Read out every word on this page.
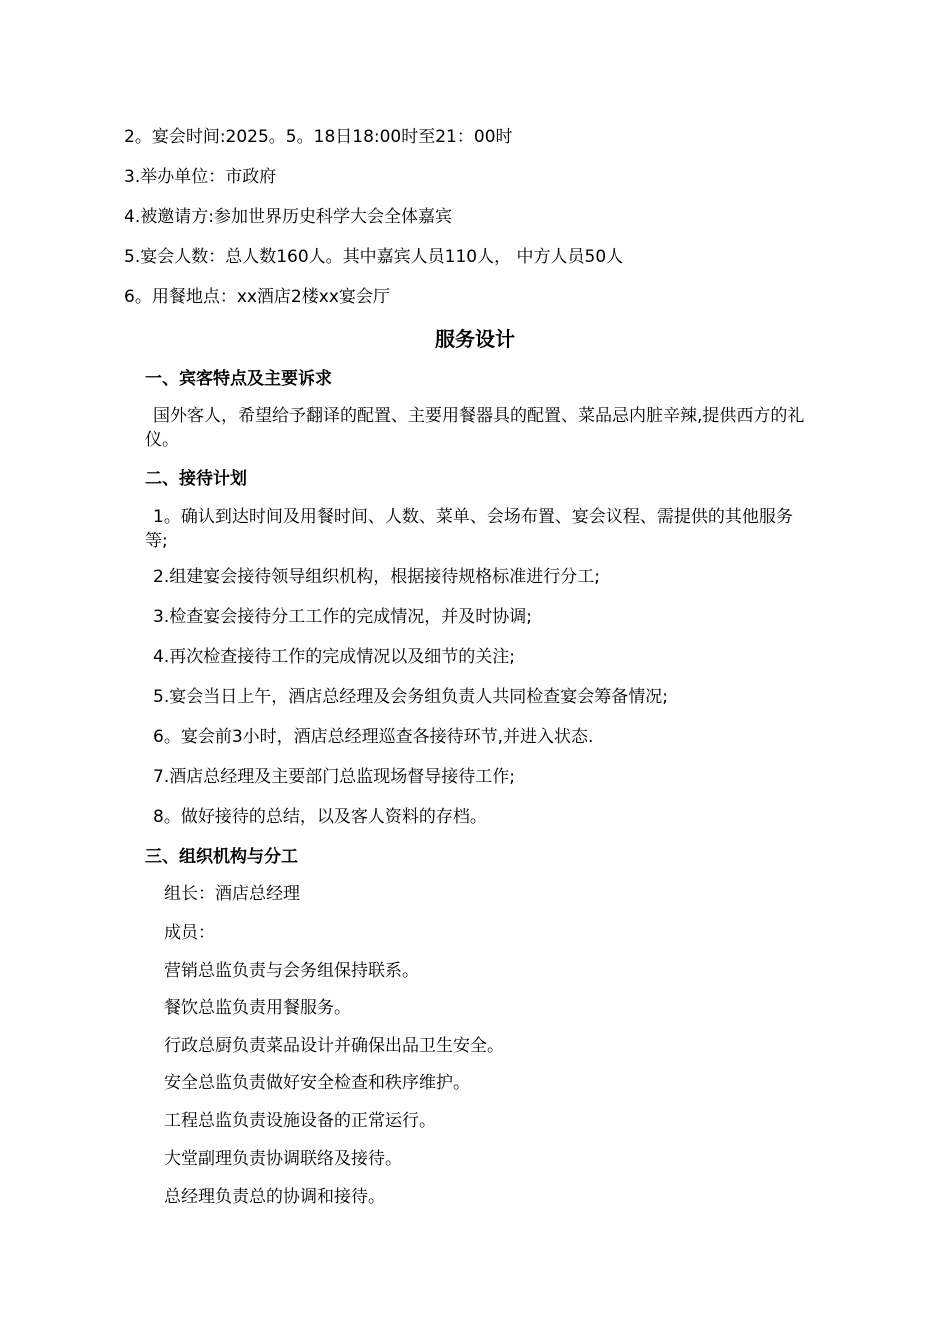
2。宴会时间:2025。5。18日18:00时至21：00时
3.举办单位：市政府
4.被邀请方:参加世界历史科学大会全体嘉宾
5.宴会人数：总人数160人。其中嘉宾人员110人， 中方人员50人
6。用餐地点：xx酒店2楼xx宴会厅
服务设计
一、宾客特点及主要诉求
国外客人，希望给予翻译的配置、主要用餐器具的配置、菜品忌内脏辛辣,提供西方的礼仪。
二、接待计划
1。确认到达时间及用餐时间、人数、菜单、会场布置、宴会议程、需提供的其他服务等;
2.组建宴会接待领导组织机构，根据接待规格标准进行分工;
3.检查宴会接待分工工作的完成情况，并及时协调;
4.再次检查接待工作的完成情况以及细节的关注;
5.宴会当日上午，酒店总经理及会务组负责人共同检查宴会筹备情况;
6。宴会前3小时，酒店总经理巡查各接待环节,并进入状态.
7.酒店总经理及主要部门总监现场督导接待工作;
8。做好接待的总结，以及客人资料的存档。
三、组织机构与分工
组长：酒店总经理
成员：
营销总监负责与会务组保持联系。
餐饮总监负责用餐服务。
行政总厨负责菜品设计并确保出品卫生安全。
安全总监负责做好安全检查和秩序维护。
工程总监负责设施设备的正常运行。
大堂副理负责协调联络及接待。
总经理负责总的协调和接待。
